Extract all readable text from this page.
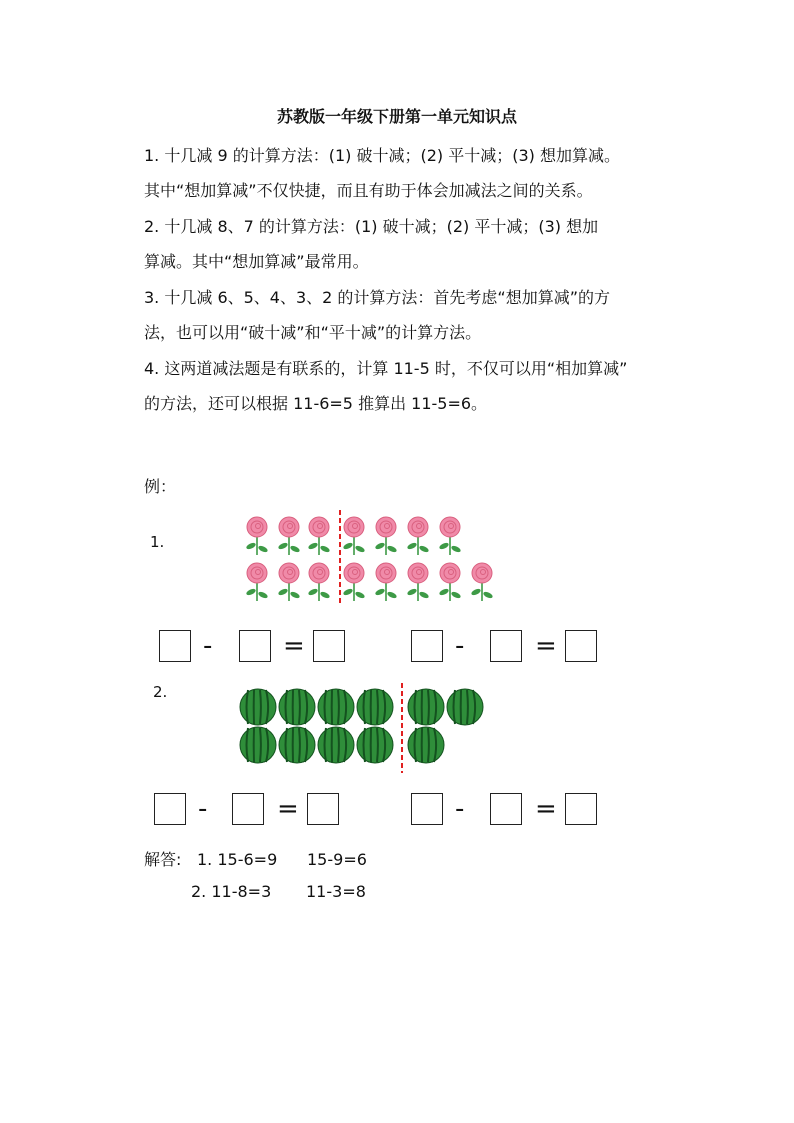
苏教版一年级下册第一单元知识点
1. 十几减 9 的计算方法：(1) 破十减；(2) 平十减；(3) 想加算减。
其中“想加算减”不仅快捷，而且有助于体会加减法之间的关系。
2. 十几减 8、7 的计算方法：(1) 破十减；(2) 平十减；(3) 想加
算减。其中“想加算减”最常用。
3. 十几减 6、5、4、3、2 的计算方法：首先考虑“想加算减”的方
法，也可以用“破十减”和“平十减”的计算方法。
4. 这两道减法题是有联系的，计算 11-5 时，不仅可以用“相加算减”
的方法，还可以根据 11-6=5 推算出 11-5=6。
例：
1.
2.
-	=	-	=
-	=	-	=
解答: 1. 15-6=9 15-9=6
2. 11-8=3 11-3=8
